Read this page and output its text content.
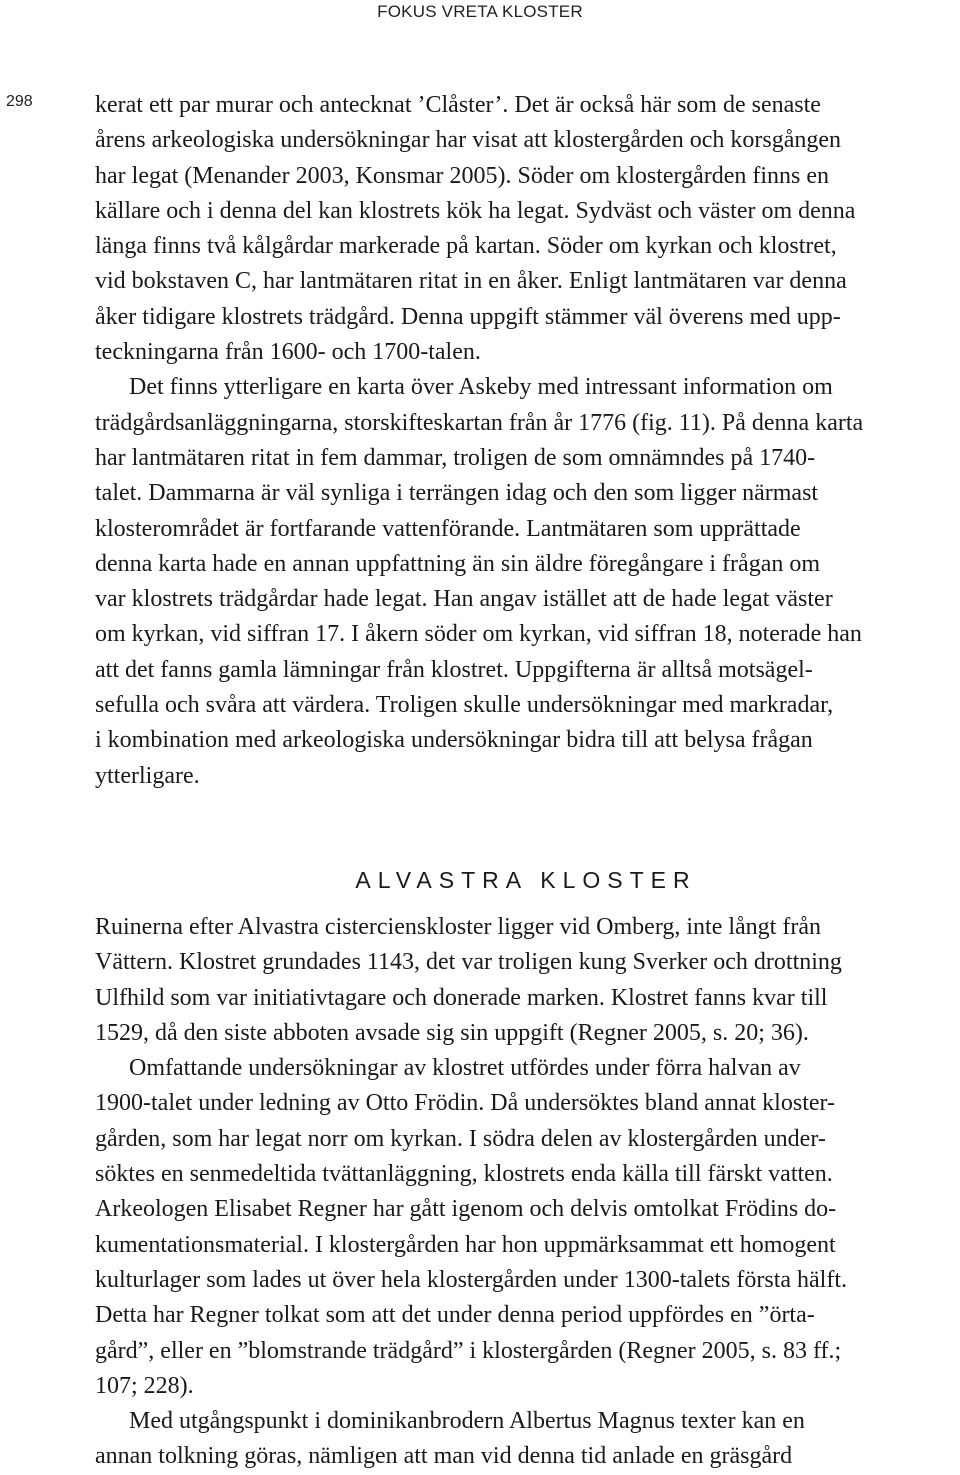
FOKUS VRETA KLOSTER
298	kerat ett par murar och antecknat ’Clåster’. Det är också här som de senaste
årens arkeologiska undersökningar har visat att klostergården och korsgången
har legat (Menander 2003, Konsmar 2005). Söder om klostergården finns en
källare och i denna del kan klostrets kök ha legat. Sydväst och väster om denna
länga finns två kålgårdar markerade på kartan. Söder om kyrkan och klostret,
vid bokstaven C, har lantmätaren ritat in en åker. Enligt lantmätaren var denna
åker tidigare klostrets trädgård. Denna uppgift stämmer väl överens med upp-
teckningarna från 1600- och 1700-talen.

Det finns ytterligare en karta över Askeby med intressant information om
trädgårdsanläggningarna, storskifteskartan från år 1776 (fig. 11). På denna karta
har lantmätaren ritat in fem dammar, troligen de som omnämndes på 1740-
talet. Dammarna är väl synliga i terrängen idag och den som ligger närmast
klosterområdet är fortfarande vattenförande. Lantmätaren som upprättade
denna karta hade en annan uppfattning än sin äldre föregångare i frågan om
var klostrets trädgårdar hade legat. Han angav istället att de hade legat väster
om kyrkan, vid siffran 17. I åkern söder om kyrkan, vid siffran 18, noterade han
att det fanns gamla lämningar från klostret. Uppgifterna är alltså motsägel-
sefulla och svåra att värdera. Troligen skulle undersökningar med markradar,
i kombination med arkeologiska undersökningar bidra till att belysa frågan
ytterligare.

ALVASTRA KLOSTER

Ruinerna efter Alvastra cistercienskloster ligger vid Omberg, inte långt från
Vättern. Klostret grundades 1143, det var troligen kung Sverker och drottning
Ulfhild som var initiativtagare och donerade marken. Klostret fanns kvar till
1529, då den siste abboten avsade sig sin uppgift (Regner 2005, s. 20; 36).

Omfattande undersökningar av klostret utfördes under förra halvan av
1900-talet under ledning av Otto Frödin. Då undersöktes bland annat kloster-
gården, som har legat norr om kyrkan. I södra delen av klostergården under-
söktes en senmedeltida tvättanläggning, klostrets enda källa till färskt vatten.
Arkeologen Elisabet Regner har gått igenom och delvis omtolkat Frödins do-
kumentationsmaterial. I klostergården har hon uppmärksammat ett homogent
kulturlager som lades ut över hela klostergården under 1300-talets första hälft.
Detta har Regner tolkat som att det under denna period uppfördes en ”örta-
gård”, eller en ”blomstrande trädgård” i klostergården (Regner 2005, s. 83 ff.;
107; 228).

Med utgångspunkt i dominikanbrodern Albertus Magnus texter kan en
annan tolkning göras, nämligen att man vid denna tid anlade en gräsgård
